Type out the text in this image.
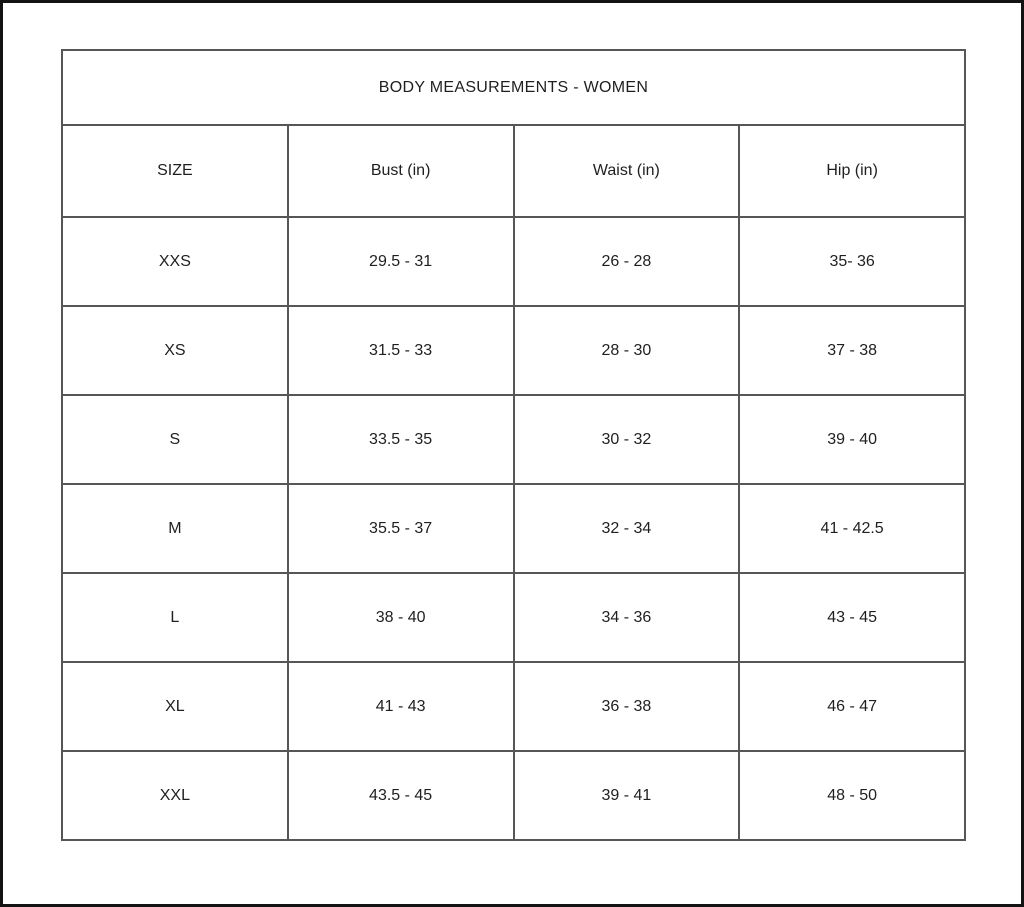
BODY MEASUREMENTS - WOMEN			
SIZE	Bust (in)	Waist (in)	Hip (in)
XXS	29.5 - 31	26 - 28	35- 36
XS	31.5 - 33	28 - 30	37 - 38
S	33.5 - 35	30 - 32	39 - 40
M	35.5 - 37	32 - 34	41 - 42.5
L	38 - 40	34 - 36	43 - 45
XL	41 - 43	36 - 38	46 - 47
XXL	43.5 - 45	39 - 41	48 - 50
